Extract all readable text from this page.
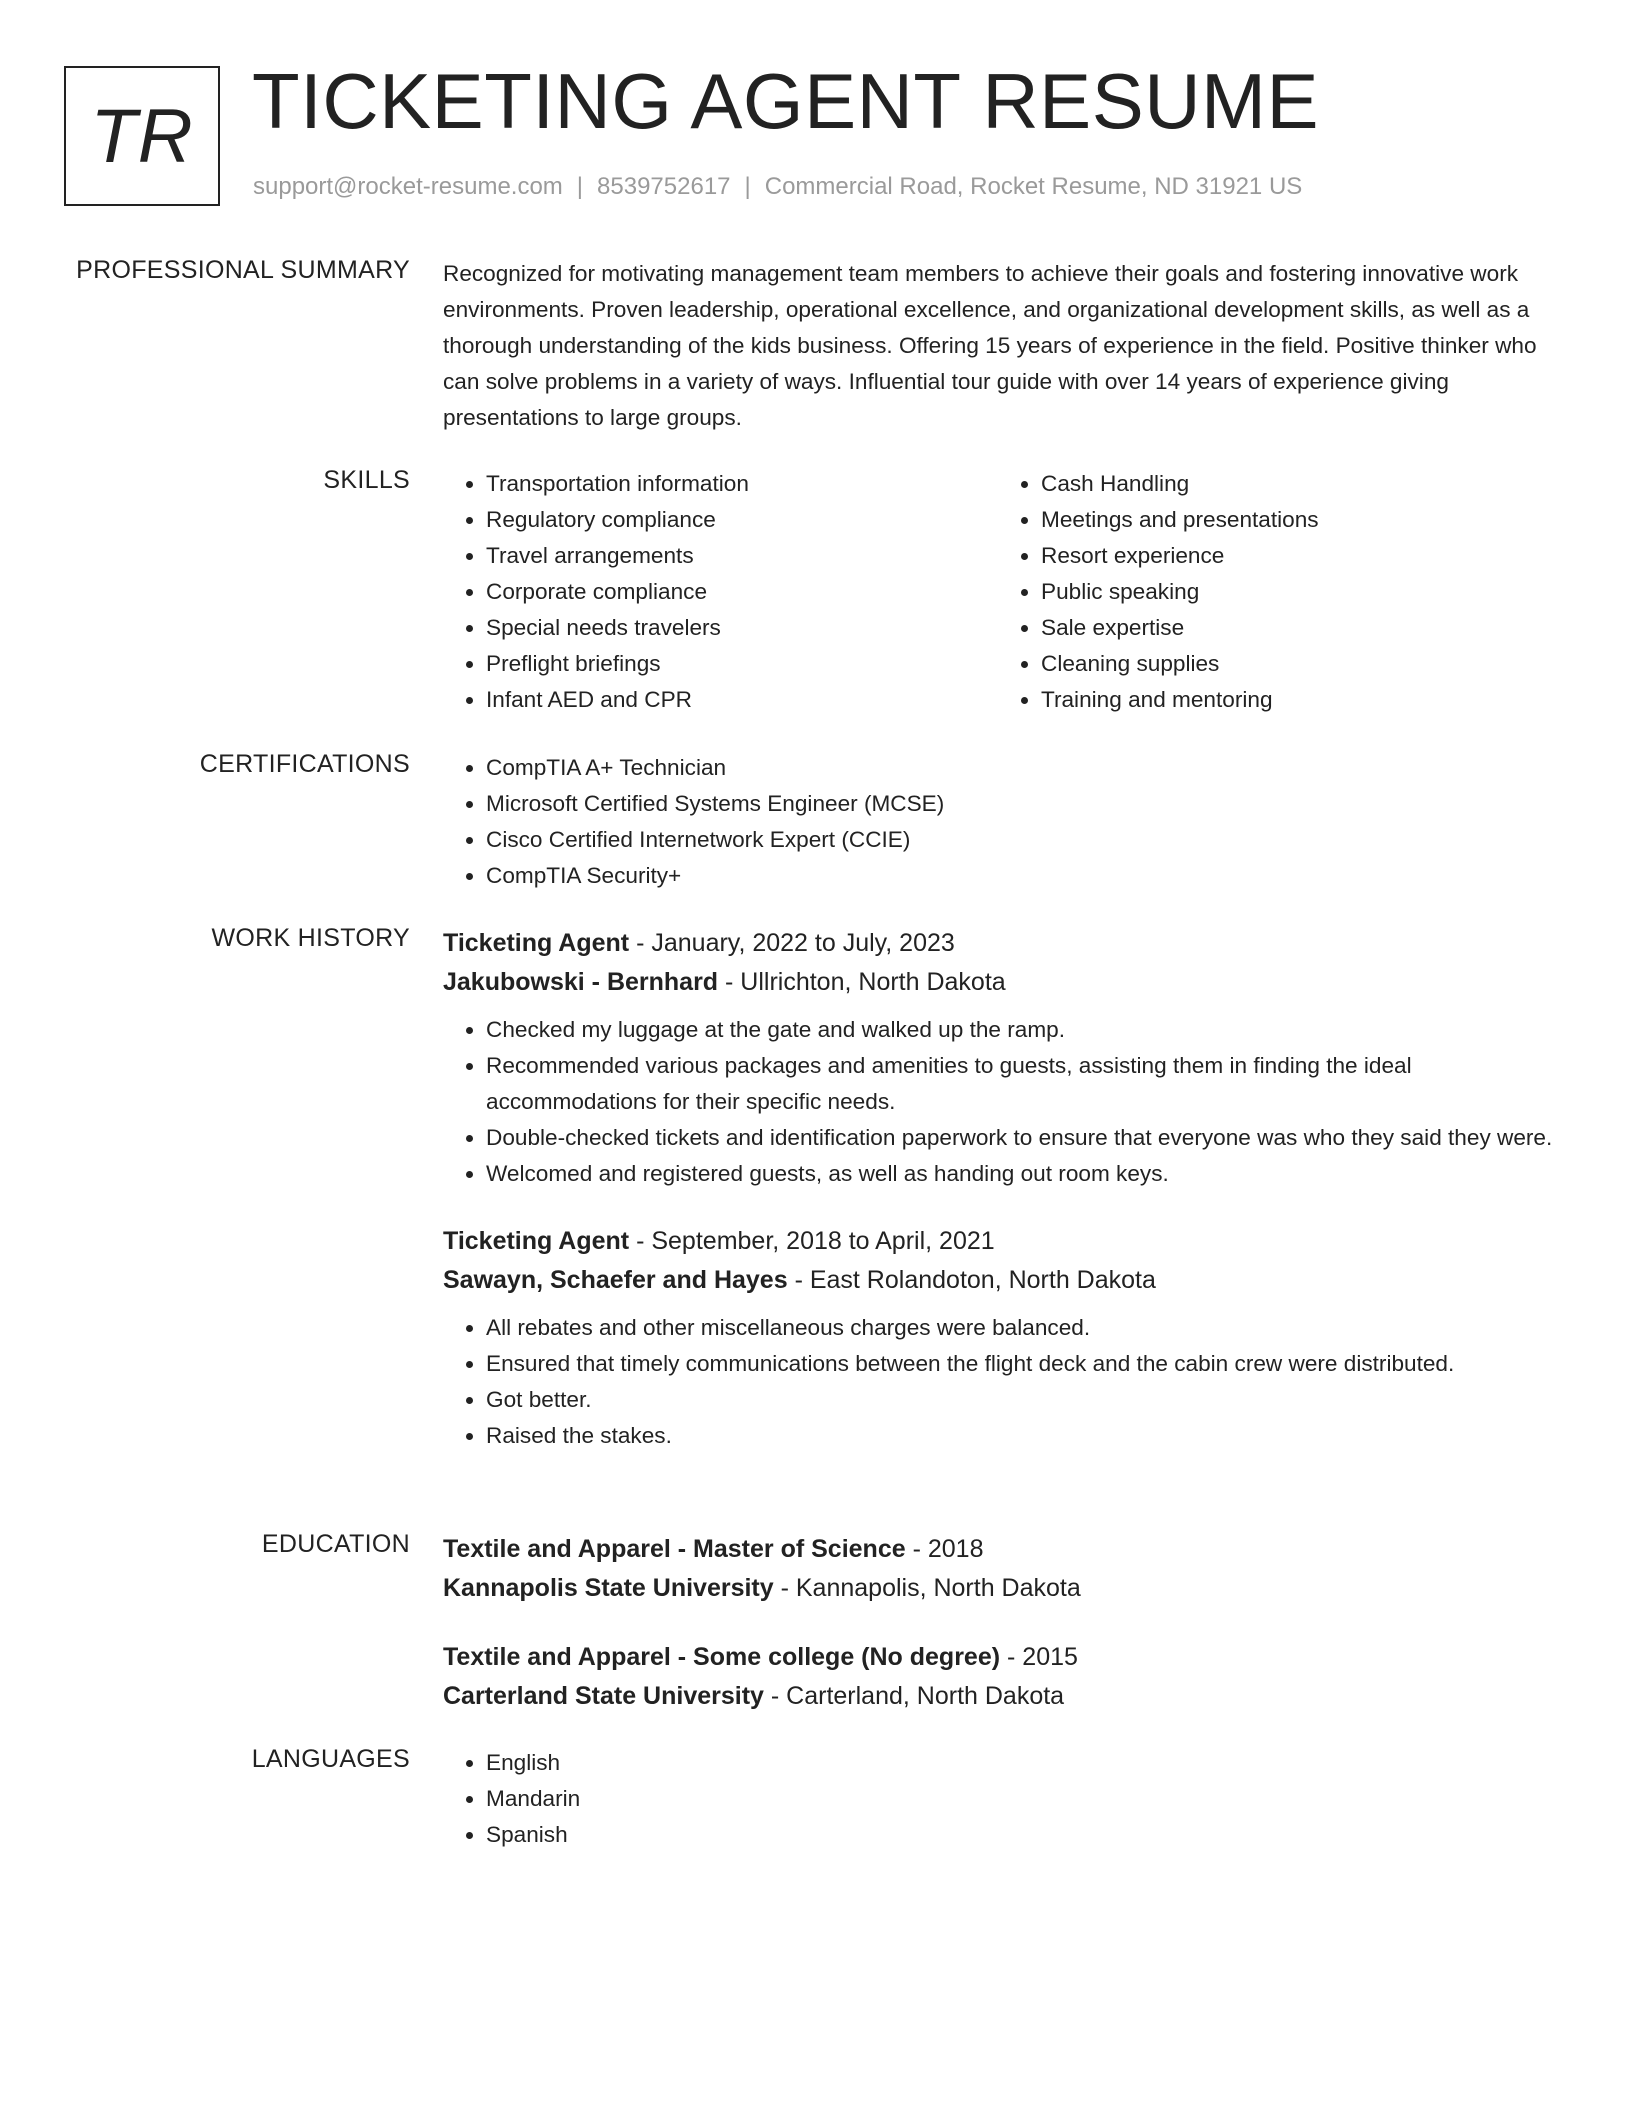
TR TICKETING AGENT RESUME
support@rocket-resume.com | 8539752617 | Commercial Road, Rocket Resume, ND 31921 US
PROFESSIONAL SUMMARY Recognized for motivating management team members to achieve their goals and fostering innovative work environments. Proven leadership, operational excellence, and organizational development skills, as well as a thorough understanding of the kids business. Offering 15 years of experience in the field. Positive thinker who can solve problems in a variety of ways. Influential tour guide with over 14 years of experience giving presentations to large groups.

SKILLS	• Transportation information
• Regulatory compliance
• Travel arrangements
• Corporate compliance
• Special needs travelers
• Preflight briefings
• Infant AED and CPR
• Cash Handling
• Meetings and presentations
• Resort experience
• Public speaking
• Sale expertise
• Cleaning supplies
• Training and mentoring
CERTIFICATIONS	• CompTIA A+ Technician
• Microsoft Certified Systems Engineer (MCSE)
• Cisco Certified Internetwork Expert (CCIE)
• CompTIA Security+
WORK HISTORY Ticketing Agent - January, 2022 to July, 2023
Jakubowski - Bernhard - Ullrichton, North Dakota
• Checked my luggage at the gate and walked up the ramp.
• Recommended various packages and amenities to guests, assisting them in finding the ideal accommodations for their specific needs.
• Double-checked tickets and identification paperwork to ensure that everyone was who they said they were.
• Welcomed and registered guests, as well as handing out room keys.
Ticketing Agent - September, 2018 to April, 2021
Sawayn, Schaefer and Hayes - East Rolandoton, North Dakota
• All rebates and other miscellaneous charges were balanced.
• Ensured that timely communications between the flight deck and the cabin crew were distributed.
• Got better.
• Raised the stakes.
EDUCATION Textile and Apparel - Master of Science - 2018
Kannapolis State University - Kannapolis, North Dakota
Textile and Apparel - Some college (No degree) - 2015
Carterland State University - Carterland, North Dakota
LANGUAGES	• English
• Mandarin
• Spanish
